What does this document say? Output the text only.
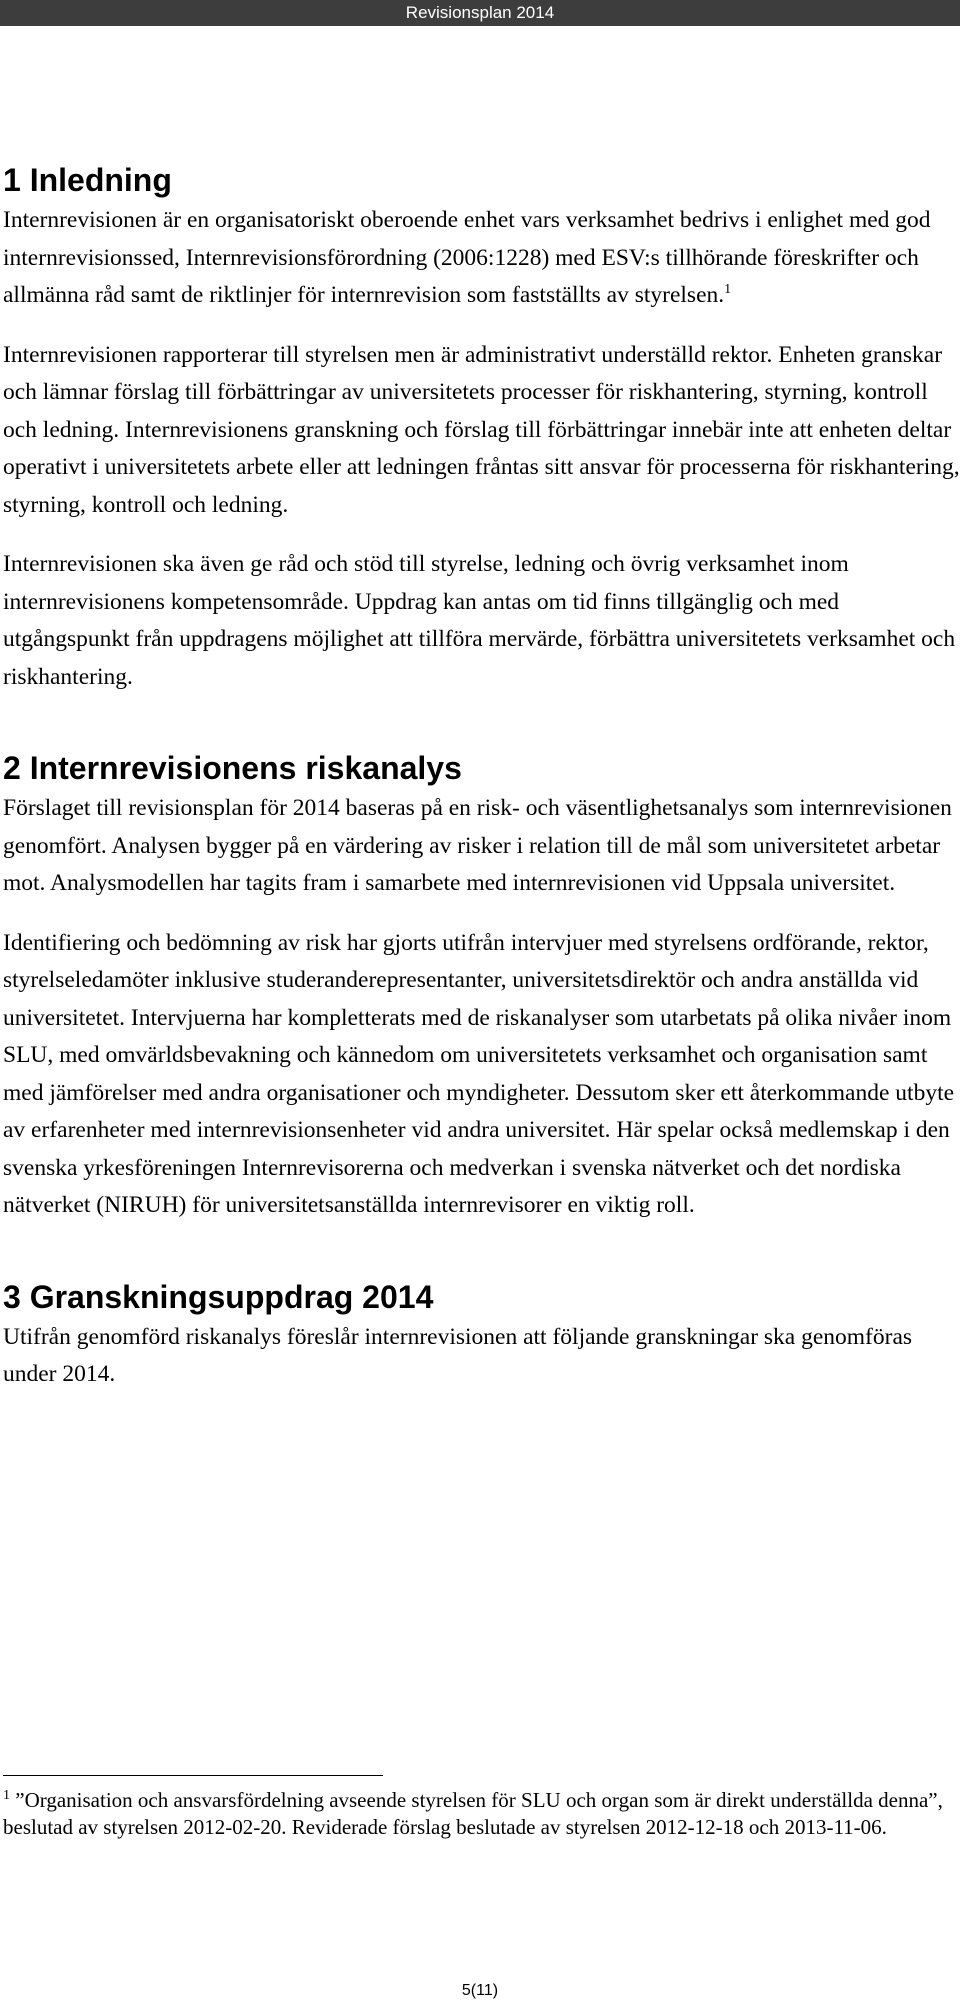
Revisionsplan 2014
1 Inledning

Internrevisionen är en organisatoriskt oberoende enhet vars verksamhet bedrivs i enlighet med god internrevisionssed, Internrevisionsförordning (2006:1228) med ESV:s tillhörande föreskrifter och allmänna råd samt de riktlinjer för internrevision som fastställts av styrelsen.$^1$

Internrevisionen rapporterar till styrelsen men är administrativt underställd rektor. Enheten granskar och lämnar förslag till förbättringar av universitetets processer för riskhantering, styrning, kontroll och ledning. Internrevisionens granskning och förslag till förbättringar innebär inte att enheten deltar operativt i universitetets arbete eller att ledningen fråntas sitt ansvar för processerna för riskhantering, styrning, kontroll och ledning.

Internrevisionen ska även ge råd och stöd till styrelse, ledning och övrig verksamhet inom internrevisionens kompetensområde. Uppdrag kan antas om tid finns tillgänglig och med utgångspunkt från uppdragens möjlighet att tillföra mervärde, förbättra universitetets verksamhet och riskhantering.

2 Internrevisionens riskanalys

Förslaget till revisionsplan för 2014 baseras på en risk- och väsentlighetsanalys som internrevisionen genomfört. Analysen bygger på en värdering av risker i relation till de mål som universitetet arbetar mot. Analysmodellen har tagits fram i samarbete med internrevisionen vid Uppsala universitet.

Identifiering och bedömning av risk har gjorts utifrån intervjuer med styrelsens ordförande, rektor, styrelseledamöter inklusive studeranderepresentanter, universitetsdirektör och andra anställda vid universitetet. Intervjuerna har kompletterats med de riskanalyser som utarbetats på olika nivåer inom SLU, med omvärldsbevakning och kännedom om universitetets verksamhet och organisation samt med jämförelser med andra organisationer och myndigheter. Dessutom sker ett återkommande utbyte av erfarenheter med internrevisionsenheter vid andra universitet. Här spelar också medlemskap i den svenska yrkesföreningen Internrevisorerna och medverkan i svenska nätverket och det nordiska nätverket (NIRUH) för universitetsanställda internrevisorer en viktig roll.

3 Granskningsuppdrag 2014

Utifrån genomförd riskanalys föreslår internrevisionen att följande granskningar ska genomföras under 2014.

$^1$ ”Organisation och ansvarsfördelning avseende styrelsen för SLU och organ som är direkt underställda denna”, beslutad av styrelsen 2012-02-20. Reviderade förslag beslutade av styrelsen 2012-12-18 och 2013-11-06.
5(11)
